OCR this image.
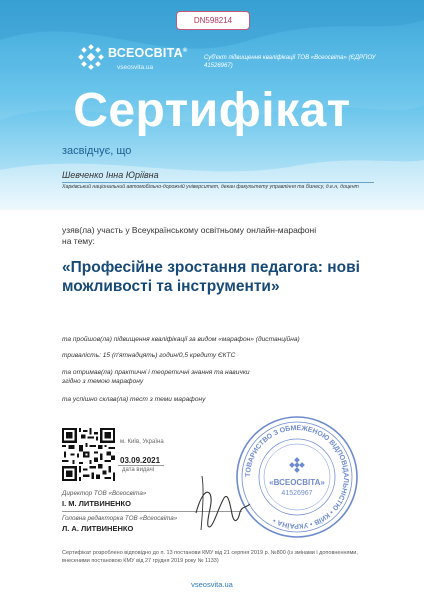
DN598214
ВСЕОСВІТА®
vseosvita.ua
Суб'єкт підвищення кваліфікації ТОВ «Всеосвіта» (ЄДРПОУ 41526967)
Сертифікат
засвідчує, що
Шевченко Інна Юріївна
Харківський національний автомобільно-дорожній університет, декан факультету управління та бізнесу, д.е.н, доцент
узяв(ла) участь у Всеукраїнському освітньому онлайн-марафоні на тему:
«Професійне зростання педагога: нові можливості та інструменти»
та пройшов(ла) підвищення кваліфікації за видом «марафон» (дистанційна)
тривалість: 15 (п'ятнадцять) годин/0,5 кредиту ЄКТС
та отримав(ла) практичні і теоретичні знання та навички згідно з темою марафону
та успішно склав(ла) тест з теми марафону
м. Київ, Україна
03.09.2021
дата видачі
Директор ТОВ «Всеосвіта»
І. М. ЛИТВИНЕНКО
Головна редакторка ТОВ «Всеосвіта»
Л. А. ЛИТВИНЕНКО
ТОВАРИСТВО З ОБМЕЖЕНОЮ ВІДПОВІДАЛЬНІСТЮ • КИЇВ • УКРАЇНА •
«ВСЕОСВІТА»
41526967
Сертифікат розроблено відповідно до п. 13 постанови КМУ від 21 серпня 2019 р. №800 (із змінами і доповненнями, внесеними постановою КМУ від 27 грудня 2019 року № 1133)
vseosvita.ua
